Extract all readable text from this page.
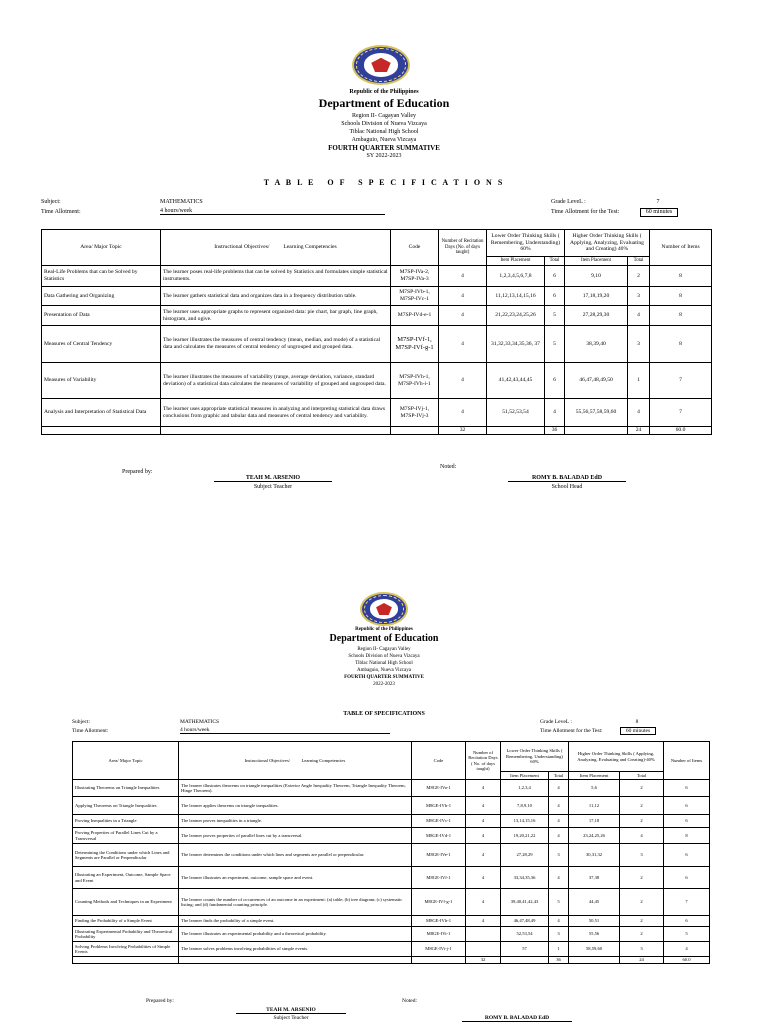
Republic of the Philippines
Department of Education
Region II- Cagayan Valley
Schools Division of Nueva Vizcaya
Tiblac National High School
Ambaguio, Nueva Vizcaya
FOURTH QUARTER SUMMATIVE
SY 2022-2023
T A B L E   O F   S P E C I F I C A T I O N S
Subject:	MATHEMATICS
Time Allotment:	4 hours/week
Grade LeveL :	7
Time Allotment for the Test:	60 minutes
Area/ Major Topic	Instructional Objectives/          Learning Competencies	Code	Number of Recitation Days (No. of days taught)	Lower Order Thinking Skills ( Remembering, Understanding) 60%		Higher Order Thinking Skills ( Applying, Analyzing, Evaluating and Creating) 40%		Number of Items
				Item Placement	Total	Item Placement	Total	
Real-Life Problems that can be Solved by Statistics	The learner poses real-life problems that can be solved by Statistics and formulates simple statistical instruments.	M7SP-IVa-2, M7SP-IVa-3	4	1,2,3,4,5,6,7,8	6	9,10	2	8
Data Gathering and Organizing	The learner gathers statistical data and organizes data in a frequency distribution table.	M7SP-IVb-1, M7SP-IVc-1	4	11,12,13,14,15,16	6	17,18,19,20	3	8
Presentation of Data	The learner uses appropriate graphs to represent organized data: pie chart, bar graph, line graph, histogram, and ogive.	M7SP-IVd-e-1	4	21,22,23,24,25,26	5	27,28,29,30	4	8
Measures of Central Tendency	The learner illustrates the measures of central tendency (mean, median, and mode) of a statistical data and calculates the measures of central tendency of ungrouped and grouped data.	M7SP-IVf-1, M7SP-IVf-g-1	4	31,32,33,34,35,36, 37	5	38,39,40	3	8
Measures of Variability	The learner illustrates the measures of variability (range, average deviation, variance, standard deviation) of a statistical data calculates the measures of variability of grouped and ungrouped data.	M7SP-IVh-1, M7SP-IVh-i-1	4	41,42,43,44,45	6	46,47,48,49,50	1	7
Analysis and Interpretation of Statistical Data	The learner uses appropriate statistical measures in analyzing and interpreting statistical data draws conclusions from graphic and tabular data and measures of central tendency and variability.	M7SP-IVj-1, M7SP-IVj-3	4	51,52,53,54	4	55,56,57,58,59,60	4	7
			32		36		24	60.0
Prepared by:
Noted:
TEAH M. ARSENIO
Subject Teacher
ROMY B. BALADAD EdD
School Head
Republic of the Philippines
Department of Education
Region II- Cagayan Valley
Schools Division of Nueva Vizcaya
Tiblac National High School
Ambaguio, Nueva Vizcaya
FOURTH QUARTER SUMMATIVE
2022-2023
TABLE OF SPECIFICATIONS
Subject:	MATHEMATICS
Time Allotment:	4 hours/week
Grade LeveL :	8
Time Allotment for the Test:	60 minutes
Area/ Major Topic	Instructional Objectives/          Learning Competencies	Code	Number of Recitation Days ( No. of days taught)	Lower Order Thinking Skills ( Remembering, Understanding) 60%		Higher Order Thinking Skills ( Applying, Analyzing, Evaluating and Creating)-40%		Number of Items
				Item Placement	Total	Item Placement	Total	
Illustrating Theorems on Triangle Inequalities	The learner illustrates theorems on triangle inequalities (Exterior Angle Inequality Theorem, Triangle Inequality Theorem, Hinge Theorem).	M8GE-IVa-1	4	1,2,3,4	4	5,6	2	6
Applying Theorems on Triangle Inequalities	The learner applies theorems on triangle inequalities.	M8GE-IVb-1	4	7,8,9,10	4	11,12	2	6
Proving Inequalities in a Triangle	The learner proves inequalities in a triangle.	M8GE-IVc-1	4	13,14,15,16	4	17,18	2	6
Proving Properties of Parallel Lines Cut by a Transversal	The learner proves properties of parallel lines cut by a transversal.	M8GE-IVd-1	4	19,20,21,22	4	23,24,25,26	4	8
Determining the Conditions under which Lines and Segments are Parallel or Perpendicular	The learner determines the conditions under which lines and segments are parallel or perpendicular.	M8GE-IVe-1	4	27,28,29	3	30,31,32	3	6
Illustrating an Experiment, Outcome, Sample Space and Event	The learner illustrates an experiment, outcome, sample space and event.	M8GE-IVf-1	4	33,34,35,36	4	37,38	2	6
Counting Methods and Techniques in an Experiment	The learner counts the number of occurrences of an outcome in an experiment: (a) table; (b) tree diagram; (c) systematic listing; and (d) fundamental counting principle.	M8GE-IVf-g-1	4	39,40,41,42,43	5	44,45	2	7
Finding the Probability of a Simple Event	The learner finds the probability of a simple event.	M8GE-IVh-1	4	46,47,48,49	4	50,51	2	6
Illustrating Experimental Probability and Theoretical Probability	The learner illustrates an experimental probability and a theoretical probability.	M8GE-IVi-1		52,53,54	3	55,56	2	5
Solving Problems Involving Probabilities of Simple Events	The learner solves problems involving probabilities of simple events.	M8GE-IVi-j-1		57	1	58,59,60	3	4
			32		36		24	60.0
Prepared by:	Noted:
TEAH M. ARSENIO
Subject Teacher	ROMY B. BALADAD EdD
